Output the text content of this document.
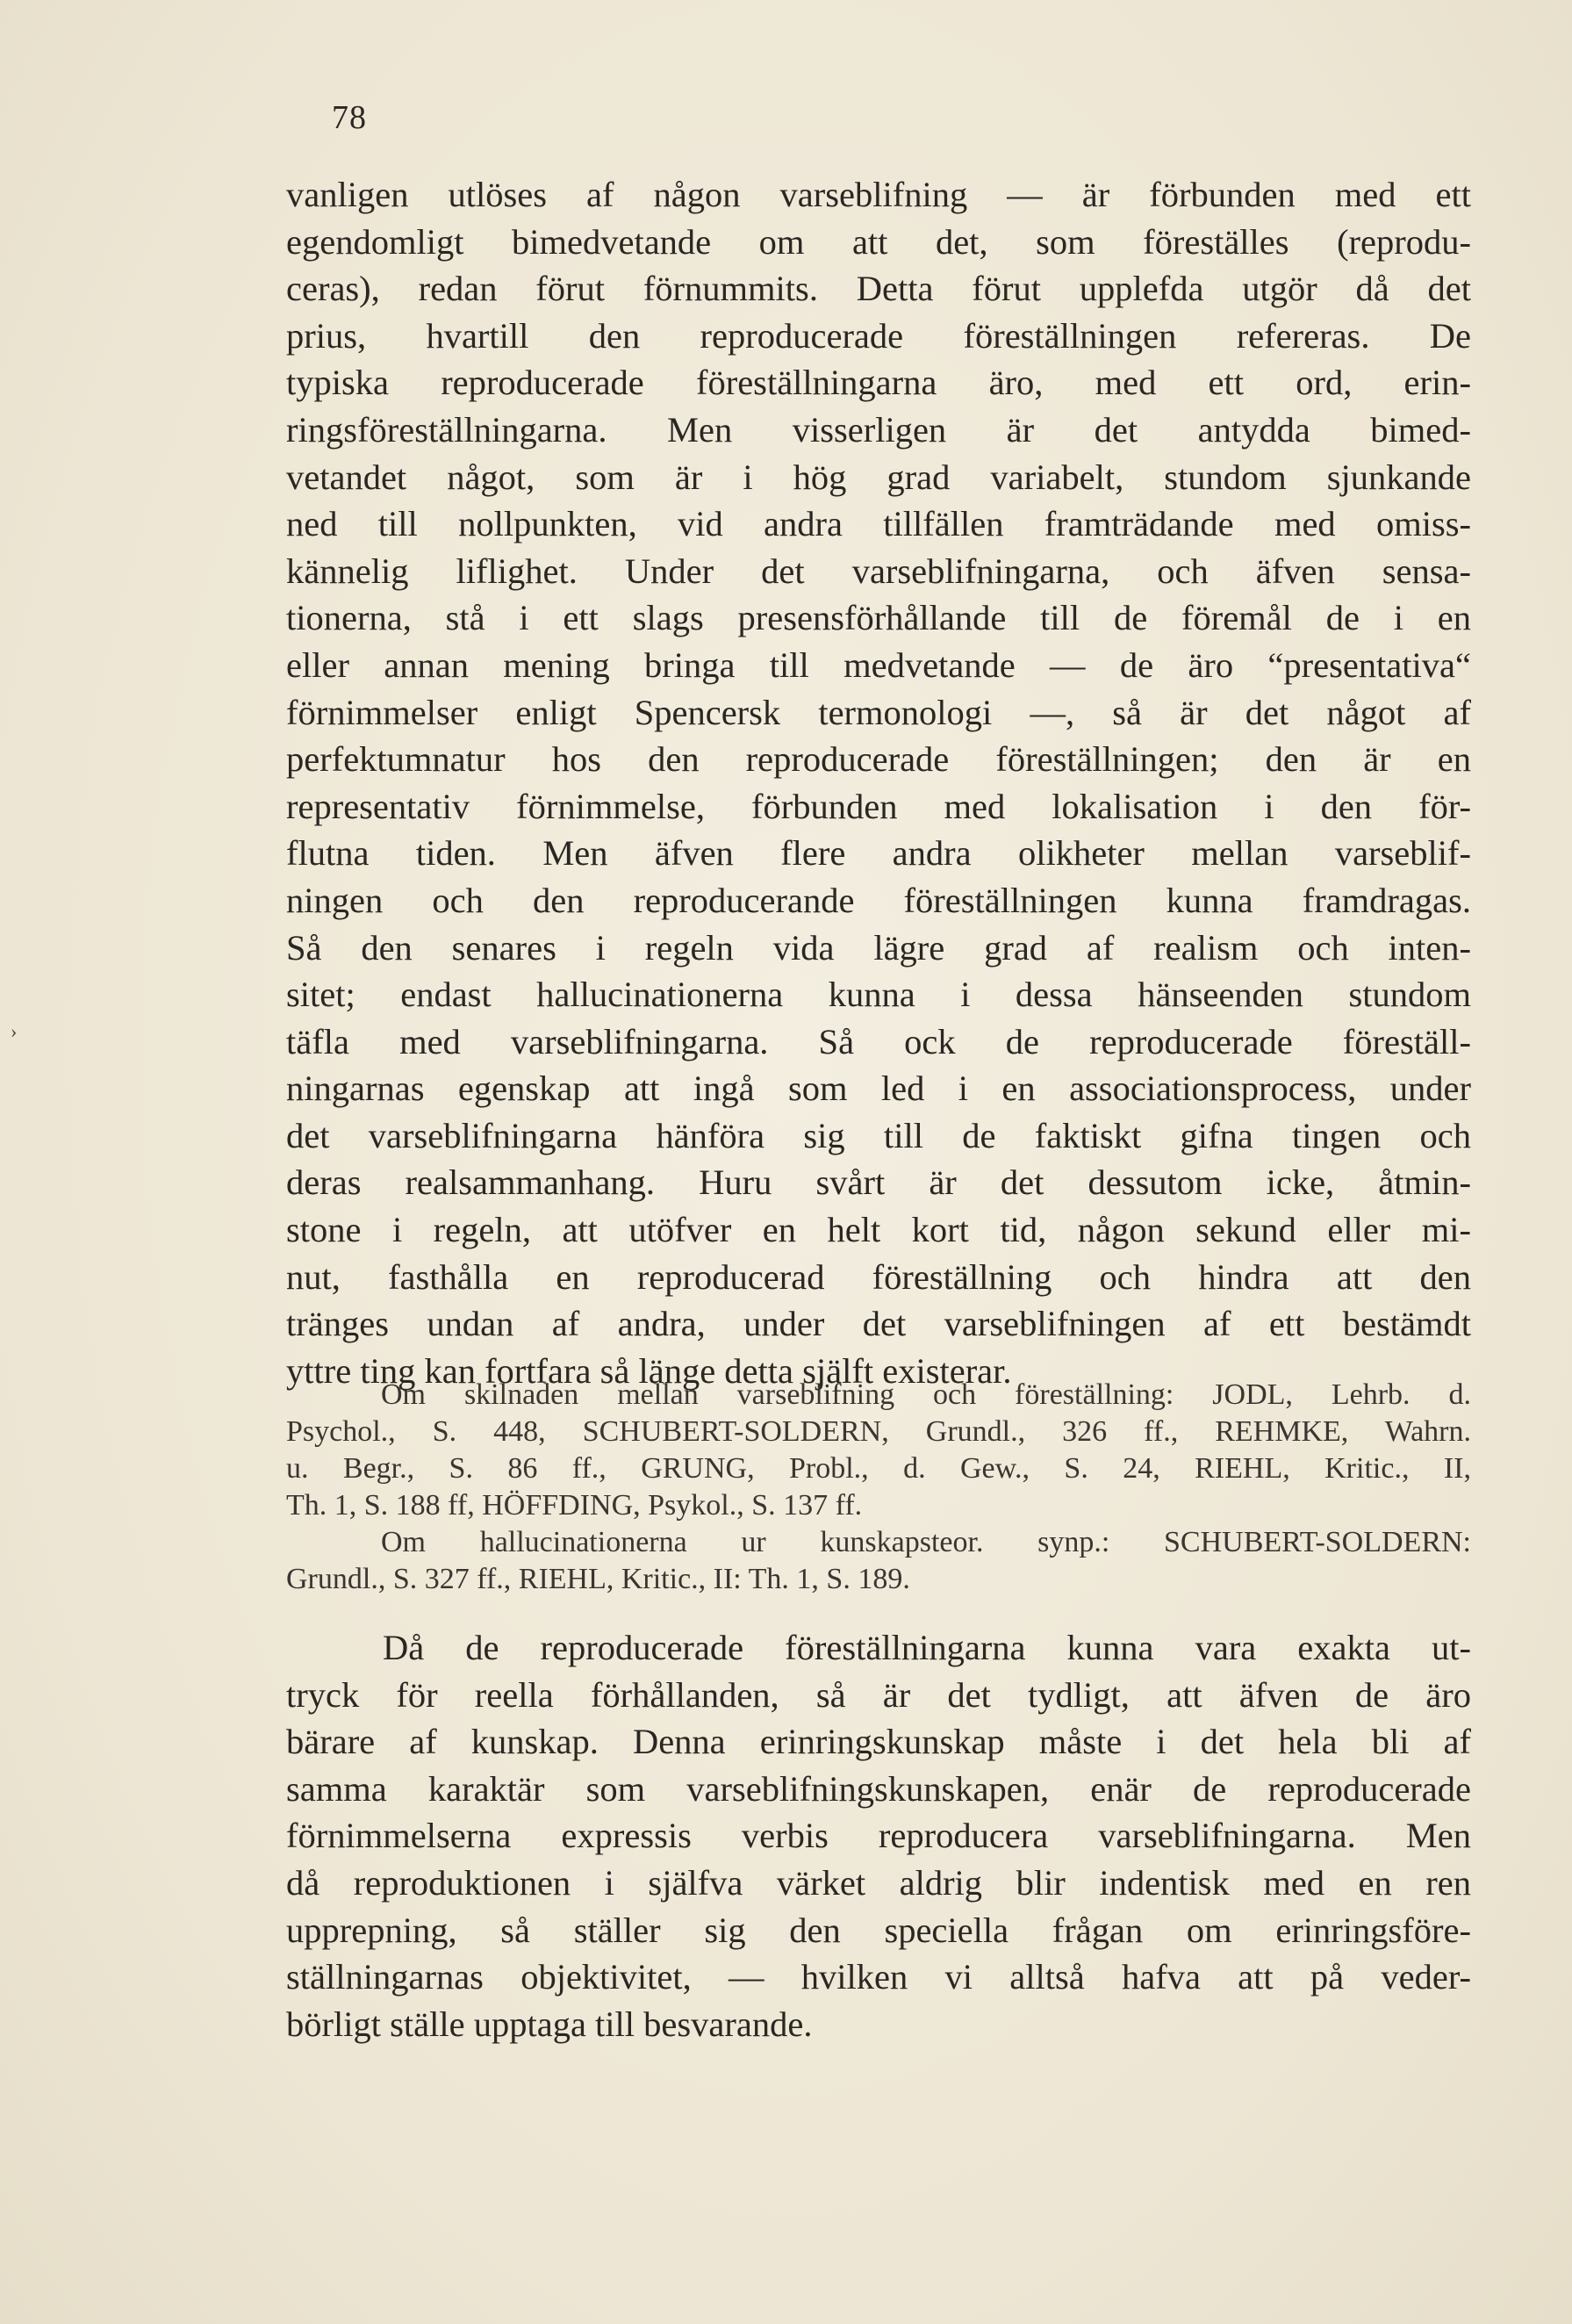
78
›
vanligen utlöses af någon varseblifning — är förbunden med ett
egendomligt bimedvetande om att det, som föreställes (reprodu-
ceras), redan förut förnummits. Detta förut upplefda utgör då det
prius, hvartill den reproducerade föreställningen refereras. De
typiska reproducerade föreställningarna äro, med ett ord, erin-
ringsföreställningarna. Men visserligen är det antydda bimed-
vetandet något, som är i hög grad variabelt, stundom sjunkande
ned till nollpunkten, vid andra tillfällen framträdande med omiss-
kännelig liflighet. Under det varseblifningarna, och äfven sensa-
tionerna, stå i ett slags presensförhållande till de föremål de i en
eller annan mening bringa till medvetande — de äro “presentativa“
förnimmelser enligt Spencersk termonologi —, så är det något af
perfektumnatur hos den reproducerade föreställningen; den är en
representativ förnimmelse, förbunden med lokalisation i den för-
flutna tiden. Men äfven flere andra olikheter mellan varseblif-
ningen och den reproducerande föreställningen kunna framdragas.
Så den senares i regeln vida lägre grad af realism och inten-
sitet; endast hallucinationerna kunna i dessa hänseenden stundom
täfla med varseblifningarna. Så ock de reproducerade föreställ-
ningarnas egenskap att ingå som led i en associationsprocess, under
det varseblifningarna hänföra sig till de faktiskt gifna tingen och
deras realsammanhang. Huru svårt är det dessutom icke, åtmin-
stone i regeln, att utöfver en helt kort tid, någon sekund eller mi-
nut, fasthålla en reproducerad föreställning och hindra att den
tränges undan af andra, under det varseblifningen af ett bestämdt
yttre ting kan fortfara så länge detta själft existerar.
Om skilnaden mellan varseblifning och föreställning: JODL, Lehrb. d.
Psychol., S. 448, SCHUBERT-SOLDERN, Grundl., 326 ff., REHMKE, Wahrn.
u. Begr., S. 86 ff., GRUNG, Probl., d. Gew., S. 24, RIEHL, Kritic., II,
Th. 1, S. 188 ff, HÖFFDING, Psykol., S. 137 ff.
Om hallucinationerna ur kunskapsteor. synp.: SCHUBERT-SOLDERN:
Grundl., S. 327 ff., RIEHL, Kritic., II: Th. 1, S. 189.
Då de reproducerade föreställningarna kunna vara exakta ut-
tryck för reella förhållanden, så är det tydligt, att äfven de äro
bärare af kunskap. Denna erinringskunskap måste i det hela bli af
samma karaktär som varseblifningskunskapen, enär de reproducerade
förnimmelserna expressis verbis reproducera varseblifningarna. Men
då reproduktionen i själfva värket aldrig blir indentisk med en ren
upprepning, så ställer sig den speciella frågan om erinringsföre-
ställningarnas objektivitet, — hvilken vi alltså hafva att på veder-
börligt ställe upptaga till besvarande.
